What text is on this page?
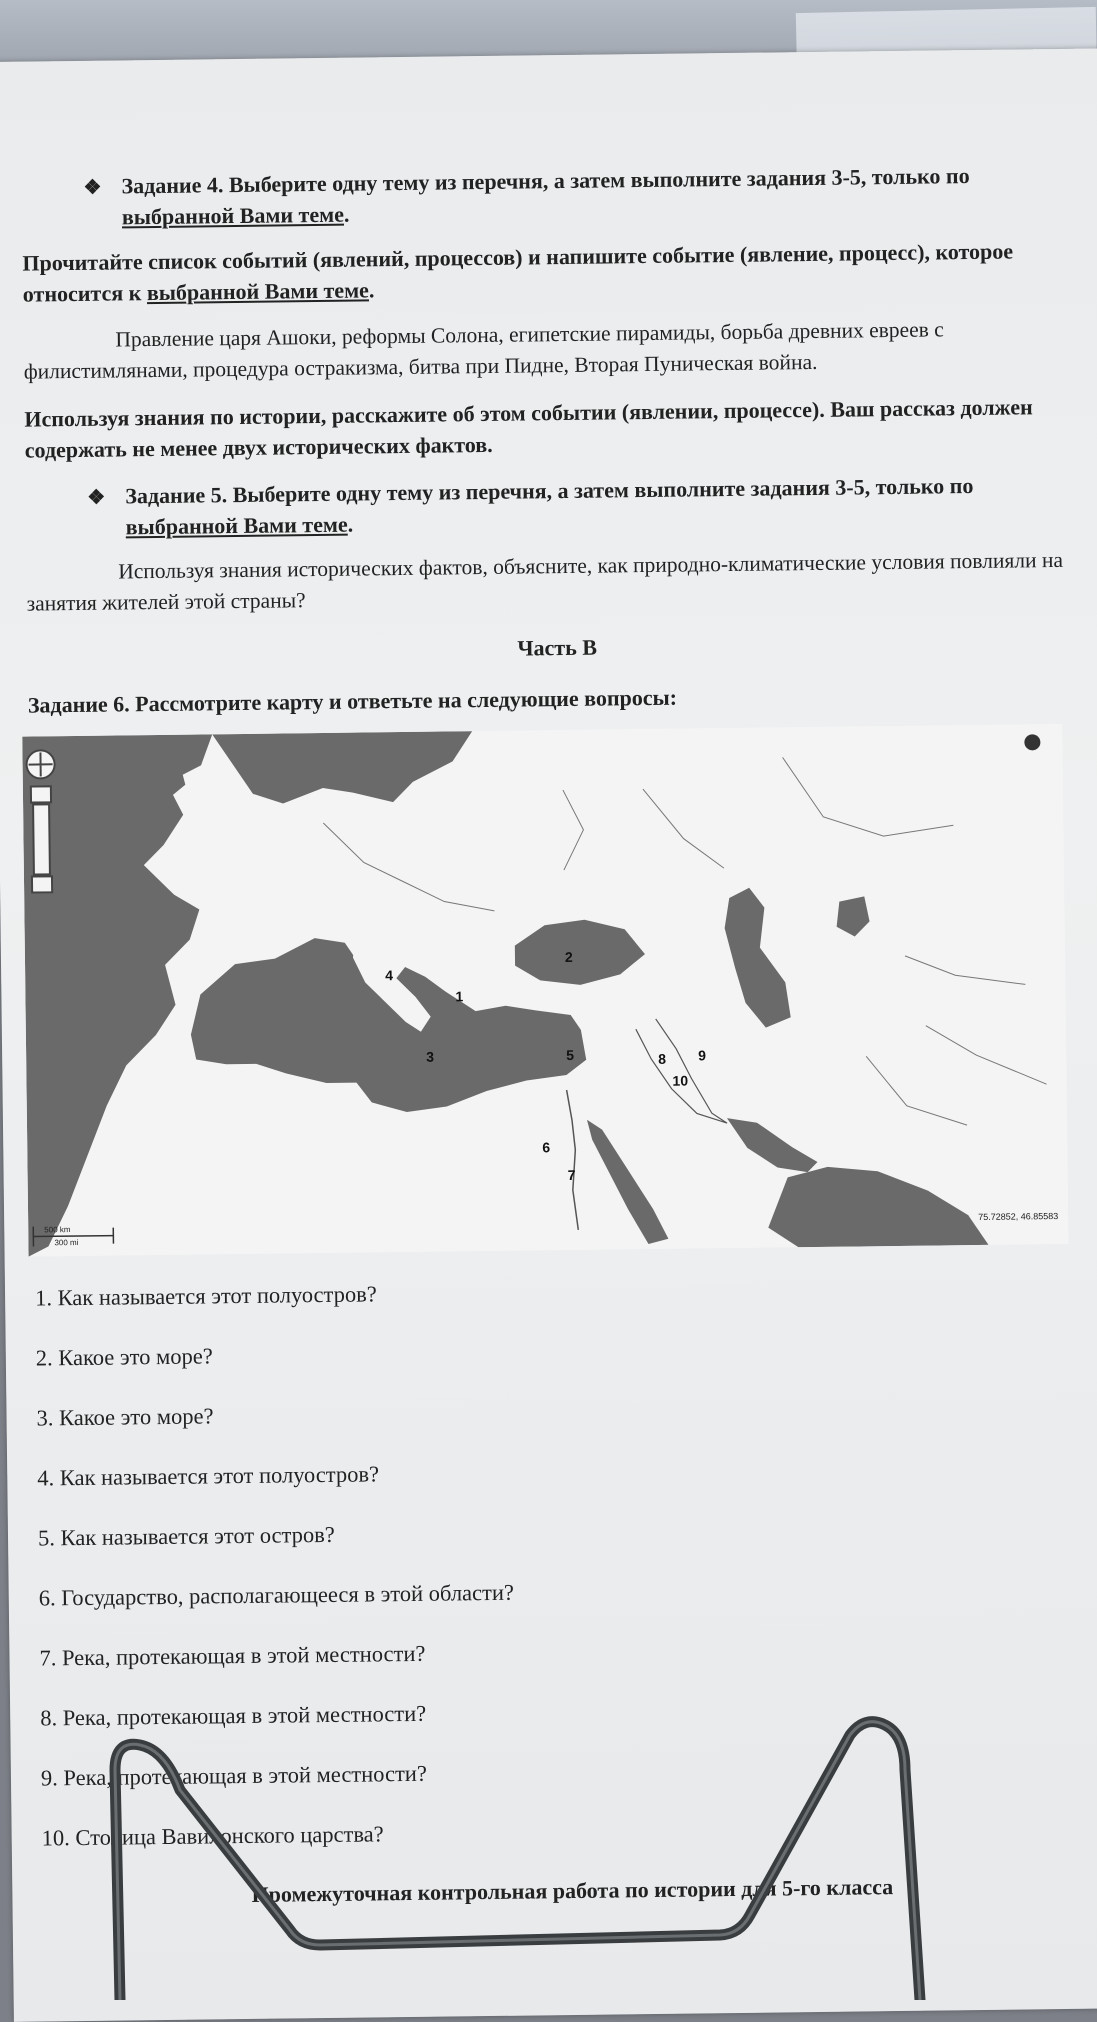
❖ Задание 4. Выберите одну тему из перечня, а затем выполните задания 3-5, только по выбранной Вами теме.
Прочитайте список событий (явлений, процессов) и напишите событие (явление, процесс), которое относится к выбранной Вами теме.

Правление царя Ашоки, реформы Солона, египетские пирамиды, борьба древних евреев с филистимлянами, процедура остракизма, битва при Пидне, Вторая Пуническая война.

Используя знания по истории, расскажите об этом событии (явлении, процессе). Ваш рассказ должен содержать не менее двух исторических фактов.
❖ Задание 5. Выберите одну тему из перечня, а затем выполните задания 3-5, только по выбранной Вами теме.

Используя знания исторических фактов, объясните, как природно-климатические условия повлияли на занятия жителей этой страны?

Часть В
Задание 6. Рассмотрите карту и ответьте на следующие вопросы:
500 km
300 mi
75.72852, 46.85583
1
2
3
4
5
6
7
8 9
10
1. Как называется этот полуостров?
2. Какое это море?
3. Какое это море?
4. Как называется этот полуостров?
5. Как называется этот остров?
6. Государство, располагающееся в этой области?
7. Река, протекающая в этой местности?
8. Река, протекающая в этой местности?
9. Река, протекающая в этой местности?
10. Столица Вавилонского царства?
Промежуточная контрольная работа по истории для 5-го класса
